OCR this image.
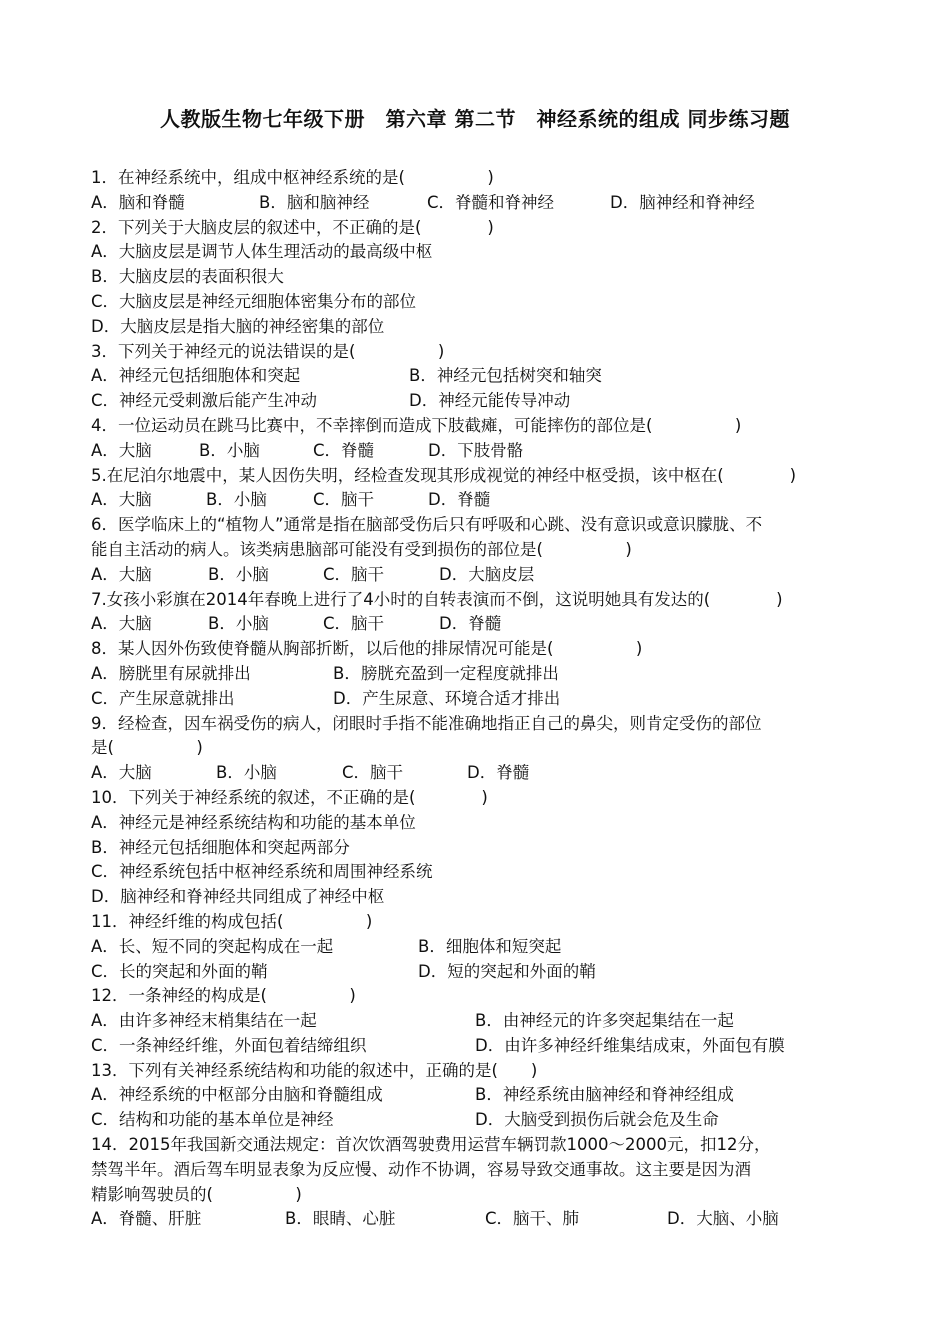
人教版生物七年级下册　第六章 第二节　神经系统的组成 同步练习题
1．在神经系统中，组成中枢神经系统的是(　　　　　)
A．脑和脊髓	B．脑和脑神经	C．脊髓和脊神经	D．脑神经和脊神经
2．下列关于大脑皮层的叙述中，不正确的是(　　　　)
A．大脑皮层是调节人体生理活动的最高级中枢
B．大脑皮层的表面积很大
C．大脑皮层是神经元细胞体密集分布的部位
D．大脑皮层是指大脑的神经密集的部位
3．下列关于神经元的说法错误的是(　　　　　)
A．神经元包括细胞体和突起	B．神经元包括树突和轴突
C．神经元受刺激后能产生冲动	D．神经元能传导冲动
4．一位运动员在跳马比赛中，不幸摔倒而造成下肢截瘫，可能摔伤的部位是(　　　　　)
A．大脑	B．小脑	C．脊髓	D．下肢骨骼
5.在尼泊尔地震中，某人因伤失明，经检查发现其形成视觉的神经中枢受损，该中枢在(　　　　)
A．大脑	B．小脑	C．脑干	D．脊髓
6．医学临床上的“植物人”通常是指在脑部受伤后只有呼吸和心跳、没有意识或意识朦胧、不
能自主活动的病人。该类病患脑部可能没有受到损伤的部位是(　　　　　)
A．大脑	B．小脑	C．脑干	D．大脑皮层
7.女孩小彩旗在2014年春晚上进行了4小时的自转表演而不倒，这说明她具有发达的(　　　　)
A．大脑	B．小脑	C．脑干	D．脊髓
8．某人因外伤致使脊髓从胸部折断，以后他的排尿情况可能是(　　　　　)
A．膀胱里有尿就排出	B．膀胱充盈到一定程度就排出
C．产生尿意就排出	D．产生尿意、环境合适才排出
9．经检查，因车祸受伤的病人，闭眼时手指不能准确地指正自己的鼻尖，则肯定受伤的部位
是(　　　　　)
A．大脑	B．小脑	C．脑干	D．脊髓
10．下列关于神经系统的叙述，不正确的是(　　　　)
A．神经元是神经系统结构和功能的基本单位
B．神经元包括细胞体和突起两部分
C．神经系统包括中枢神经系统和周围神经系统
D．脑神经和脊神经共同组成了神经中枢
11．神经纤维的构成包括(　　　　　)
A．长、短不同的突起构成在一起	B．细胞体和短突起
C．长的突起和外面的鞘	D．短的突起和外面的鞘
12．一条神经的构成是(　　　　　)
A．由许多神经末梢集结在一起	B．由神经元的许多突起集结在一起
C．一条神经纤维，外面包着结缔组织	D．由许多神经纤维集结成束，外面包有膜
13．下列有关神经系统结构和功能的叙述中，正确的是(　　)
A．神经系统的中枢部分由脑和脊髓组成	B．神经系统由脑神经和脊神经组成
C．结构和功能的基本单位是神经	D．大脑受到损伤后就会危及生命
14．2015年我国新交通法规定：首次饮酒驾驶费用运营车辆罚款1000～2000元，扣12分，
禁驾半年。酒后驾车明显表象为反应慢、动作不协调，容易导致交通事故。这主要是因为酒
精影响驾驶员的(　　　　　)
A．脊髓、肝脏	B．眼睛、心脏	C．脑干、肺	D．大脑、小脑
